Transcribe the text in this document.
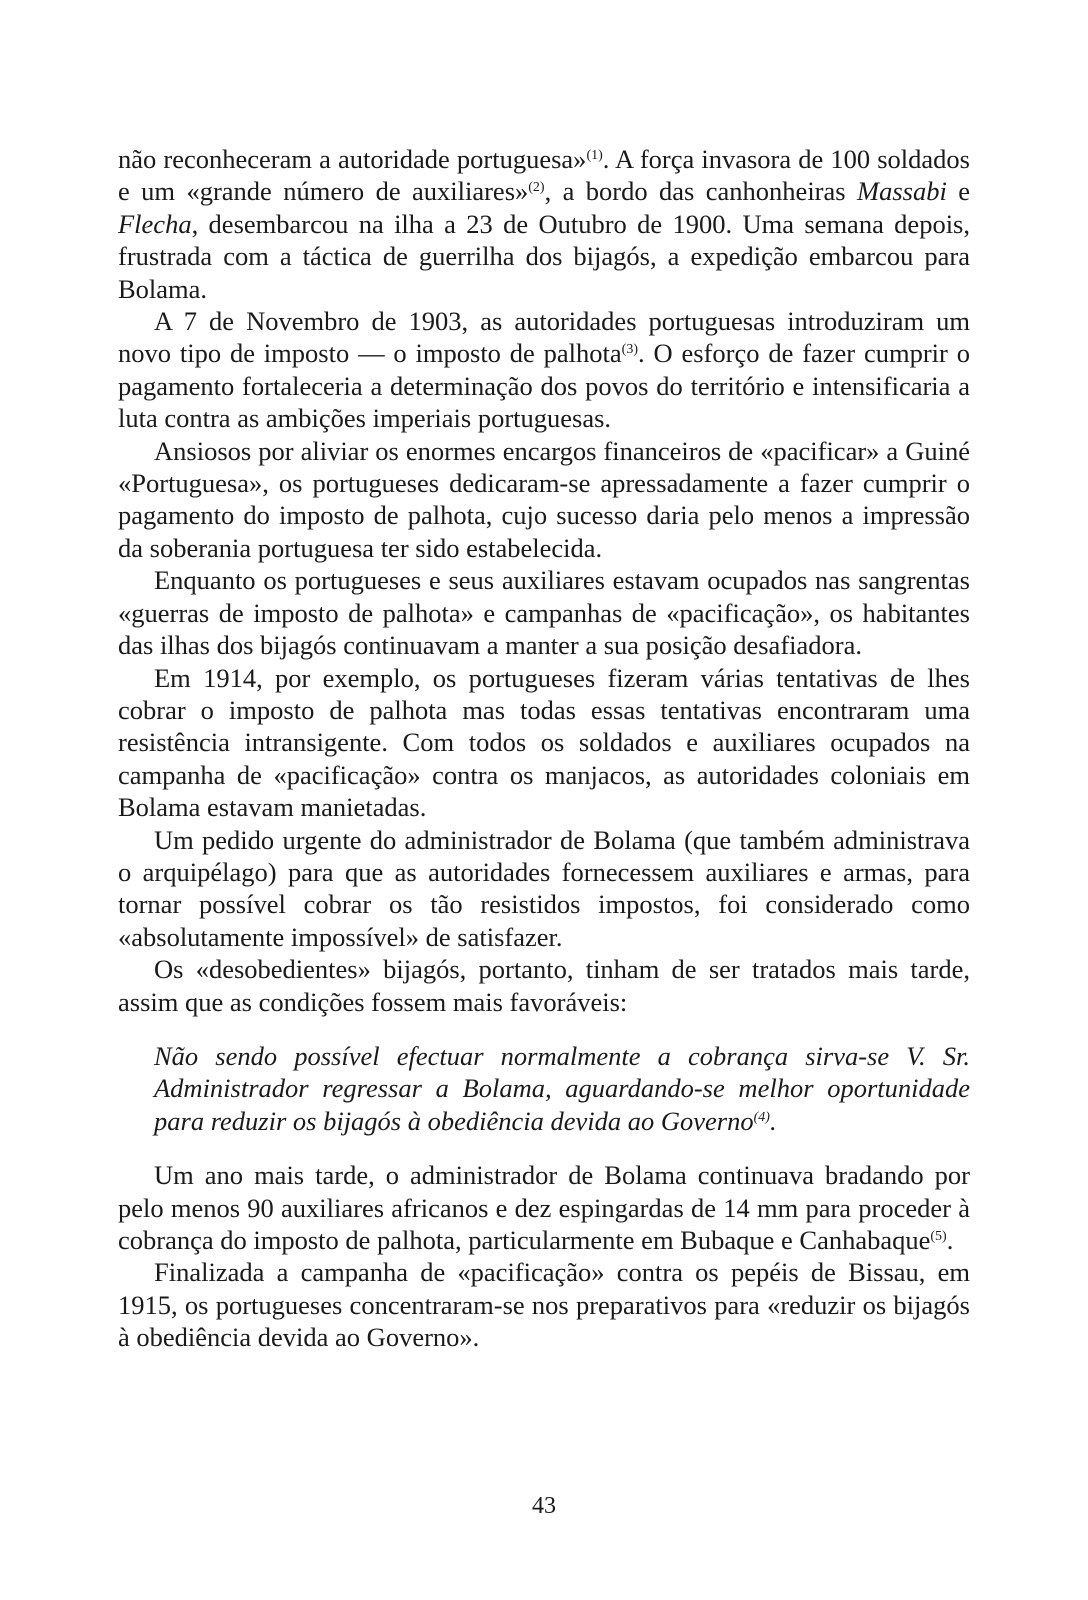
não reconheceram a autoridade portuguesa»$^{(1)}$. A força invasora de 100 soldados e um «grande número de auxiliares»$^{(2)}$, a bordo das canhonheiras Massabi e Flecha, desembarcou na ilha a 23 de Outubro de 1900. Uma semana depois, frustrada com a táctica de guerrilha dos bijagós, a expedição embarcou para Bolama.

A 7 de Novembro de 1903, as autoridades portuguesas introduziram um novo tipo de imposto — o imposto de palhota$^{(3)}$. O esforço de fazer cumprir o pagamento fortaleceria a determinação dos povos do território e intensificaria a luta contra as ambições imperiais portuguesas.

Ansiosos por aliviar os enormes encargos financeiros de «pacificar» a Guiné «Portuguesa», os portugueses dedicaram-se apressadamente a fazer cumprir o pagamento do imposto de palhota, cujo sucesso daria pelo menos a impressão da soberania portuguesa ter sido estabelecida.

Enquanto os portugueses e seus auxiliares estavam ocupados nas sangrentas «guerras de imposto de palhota» e campanhas de «pacificação», os habitantes das ilhas dos bijagós continuavam a manter a sua posição desafiadora.

Em 1914, por exemplo, os portugueses fizeram várias tentativas de lhes cobrar o imposto de palhota mas todas essas tentativas encontraram uma resistência intransigente. Com todos os soldados e auxiliares ocupados na campanha de «pacificação» contra os manjacos, as autoridades coloniais em Bolama estavam manietadas.

Um pedido urgente do administrador de Bolama (que também administrava o arquipélago) para que as autoridades fornecessem auxiliares e armas, para tornar possível cobrar os tão resistidos impostos, foi considerado como «absolutamente impossível» de satisfazer.

Os «desobedientes» bijagós, portanto, tinham de ser tratados mais tarde, assim que as condições fossem mais favoráveis:

Não sendo possível efectuar normalmente a cobrança sirva-se V. Sr. Administrador regressar a Bolama, aguardando-se melhor oportunidade para reduzir os bijagós à obediência devida ao Governo$^{(4)}$.

Um ano mais tarde, o administrador de Bolama continuava bradando por pelo menos 90 auxiliares africanos e dez espingardas de 14 mm para proceder à cobrança do imposto de palhota, particularmente em Bubaque e Canhabaque$^{(5)}$.

Finalizada a campanha de «pacificação» contra os pepéis de Bissau, em 1915, os portugueses concentraram-se nos preparativos para «reduzir os bijagós à obediência devida ao Governo».

43
